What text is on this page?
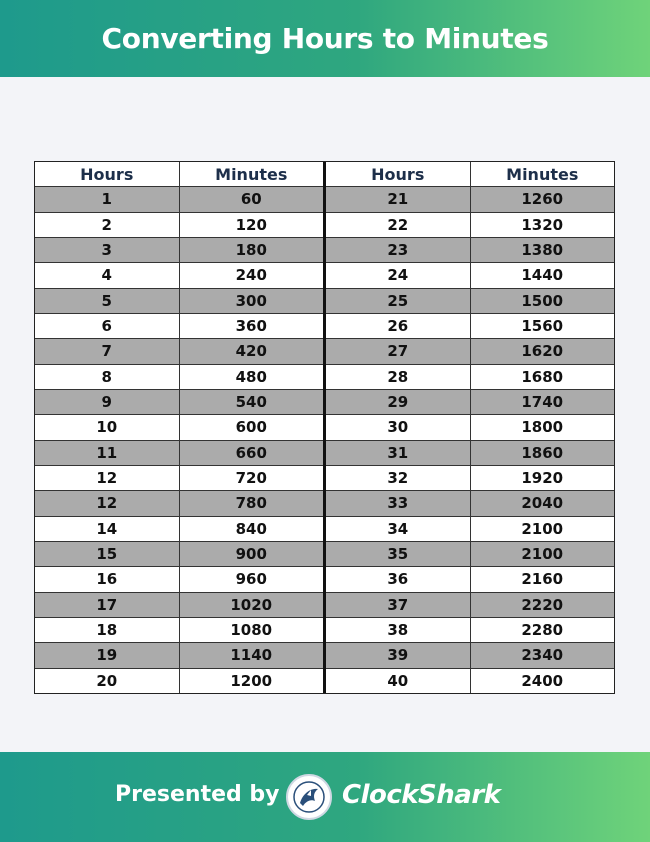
Converting Hours to Minutes
Hours	Minutes
1	60
2	120
3	180
4	240
5	300
6	360
7	420
8	480
9	540
10	600
11	660
12	720
12	780
14	840
15	900
16	960
17	1020
18	1080
19	1140
20	1200
Hours	Minutes
21	1260
22	1320
23	1380
24	1440
25	1500
26	1560
27	1620
28	1680
29	1740
30	1800
31	1860
32	1920
33	2040
34	2100
35	2100
36	2160
37	2220
38	2280
39	2340
40	2400
Presented by ClockShark
